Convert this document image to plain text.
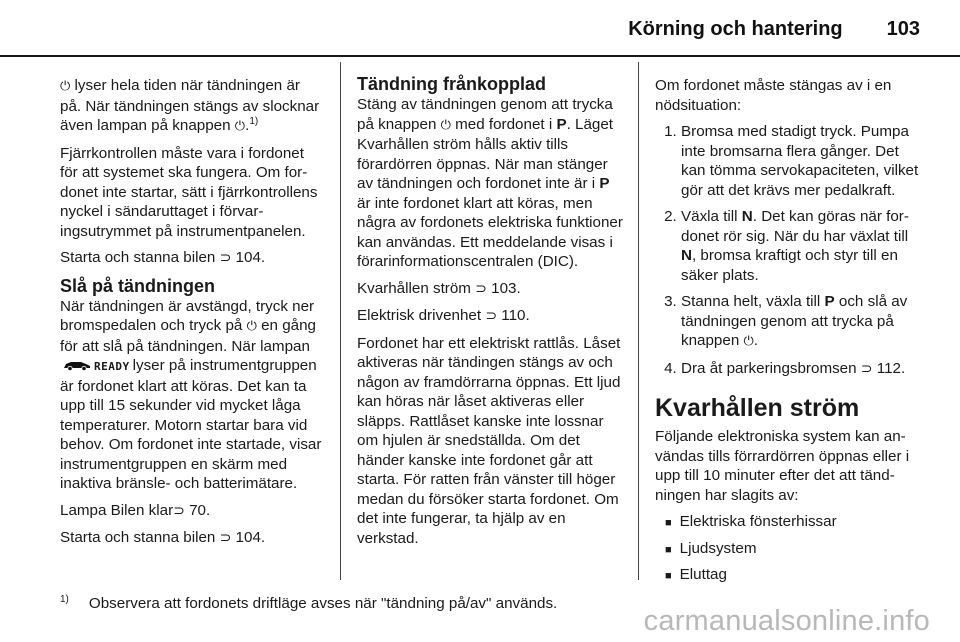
Körning och hantering 103

⏻ lyser hela tiden när tändningen är på. När tändningen stängs av slocknar även lampan på knappen ⏻.$^{1)}$

Fjärrkontrollen måste vara i fordonet för att systemet ska fungera. Om fordonet inte startar, sätt i fjärrkontrollens nyckel i sändaruttaget i förvaringsutrymmet på instrumentpanelen.

Starta och stanna bilen ⊃ 104.

Slå på tändningen

När tändningen är avstängd, tryck ner bromspedalen och tryck på ⏻ en gång för att slå på tändningen. När lampan READY lyser på instrumentgruppen är fordonet klart att köras. Det kan ta upp till 15 sekunder vid mycket låga temperaturer. Motorn startar bara vid behov. Om fordonet inte startade, visar instrumentgruppen en skärm med inaktiva bränsle- och batterimätare.

Lampa Bilen klar⊃ 70.

Starta och stanna bilen ⊃ 104.

Tändning frånkopplad

Stäng av tändningen genom att trycka på knappen ⏻ med fordonet i P. Läget Kvarhållen ström hålls aktiv tills förardörren öppnas. När man stänger av tändningen och fordonet inte är i P är inte fordonet klart att köras, men några av fordonets elektriska funktioner kan användas. Ett meddelande visas i förarinformationscentralen (DIC).

Kvarhållen ström ⊃ 103.

Elektrisk drivenhet ⊃ 110.

Fordonet har ett elektriskt rattlås. Låset aktiveras när tändingen stängs av och någon av framdörrarna öppnas. Ett ljud kan höras när låset aktiveras eller släpps. Rattlåset kanske inte lossnar om hjulen är snedställda. Om det händer kanske inte fordonet går att starta. För ratten från vänster till höger medan du försöker starta fordonet. Om det inte fungerar, ta hjälp av en verkstad.

Om fordonet måste stängas av i en nödsituation:

1. Bromsa med stadigt tryck. Pumpa inte bromsarna flera gånger. Det kan tömma servokapaciteten, vilket gör att det krävs mer pedalkraft.
2. Växla till N. Det kan göras när fordonet rör sig. När du har växlat till N, bromsa kraftigt och styr till en säker plats.
3. Stanna helt, växla till P och slå av tändningen genom att trycka på knappen ⏻.
4. Dra åt parkeringsbromsen ⊃ 112.
Kvarhållen ström

Följande elektroniska system kan användas tills förrardörren öppnas eller i upp till 10 minuter efter det att tändningen har slagits av:

■ Elektriska fönsterhissar
■ Ljudsystem
■ Eluttag
$^{1)}$ Observera att fordonets driftläge avses när "tändning på/av" används.
carmanualsonline.info
